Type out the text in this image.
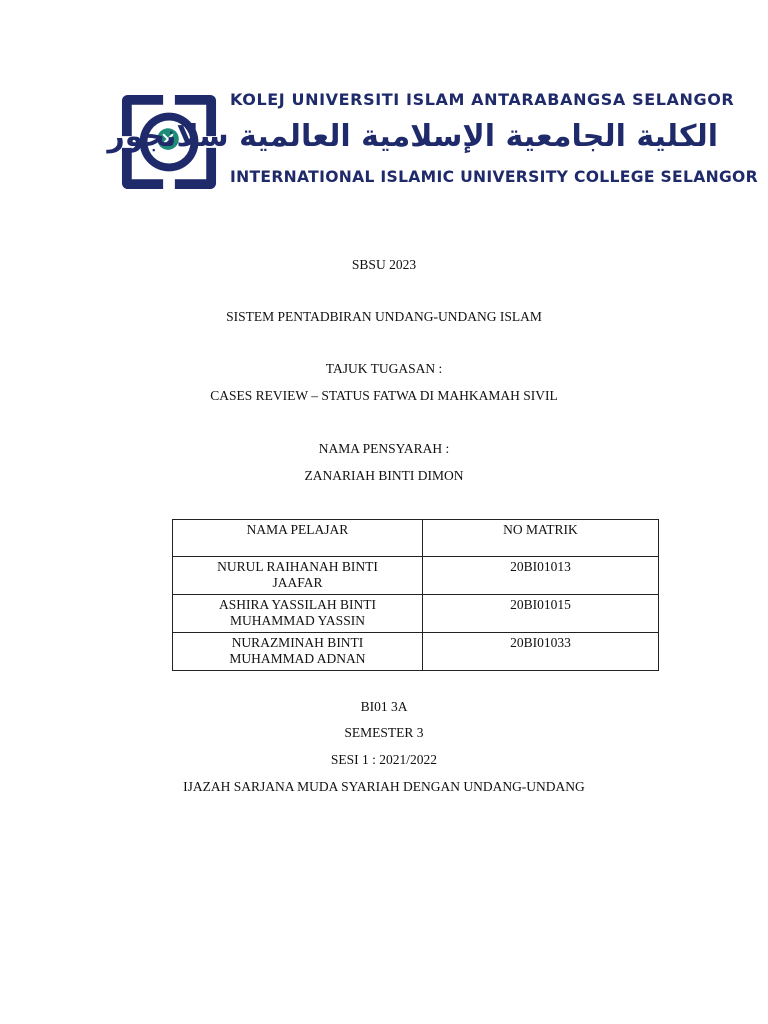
KOLEJ UNIVERSITI ISLAM ANTARABANGSA SELANGOR
الكلية الجامعية الإسلامية العالمية سلانجور
INTERNATIONAL ISLAMIC UNIVERSITY COLLEGE SELANGOR
SBSU 2023
SISTEM PENTADBIRAN UNDANG-UNDANG ISLAM
TAJUK TUGASAN :
CASES REVIEW – STATUS FATWA DI MAHKAMAH SIVIL
NAMA PENSYARAH :
ZANARIAH BINTI DIMON
NAMA PELAJAR	NO MATRIK
NURUL RAIHANAH BINTI
JAAFAR	20BI01013
ASHIRA YASSILAH BINTI
MUHAMMAD YASSIN	20BI01015
NURAZMINAH BINTI
MUHAMMAD ADNAN	20BI01033
BI01 3A
SEMESTER 3
SESI 1 : 2021/2022
IJAZAH SARJANA MUDA SYARIAH DENGAN UNDANG-UNDANG
